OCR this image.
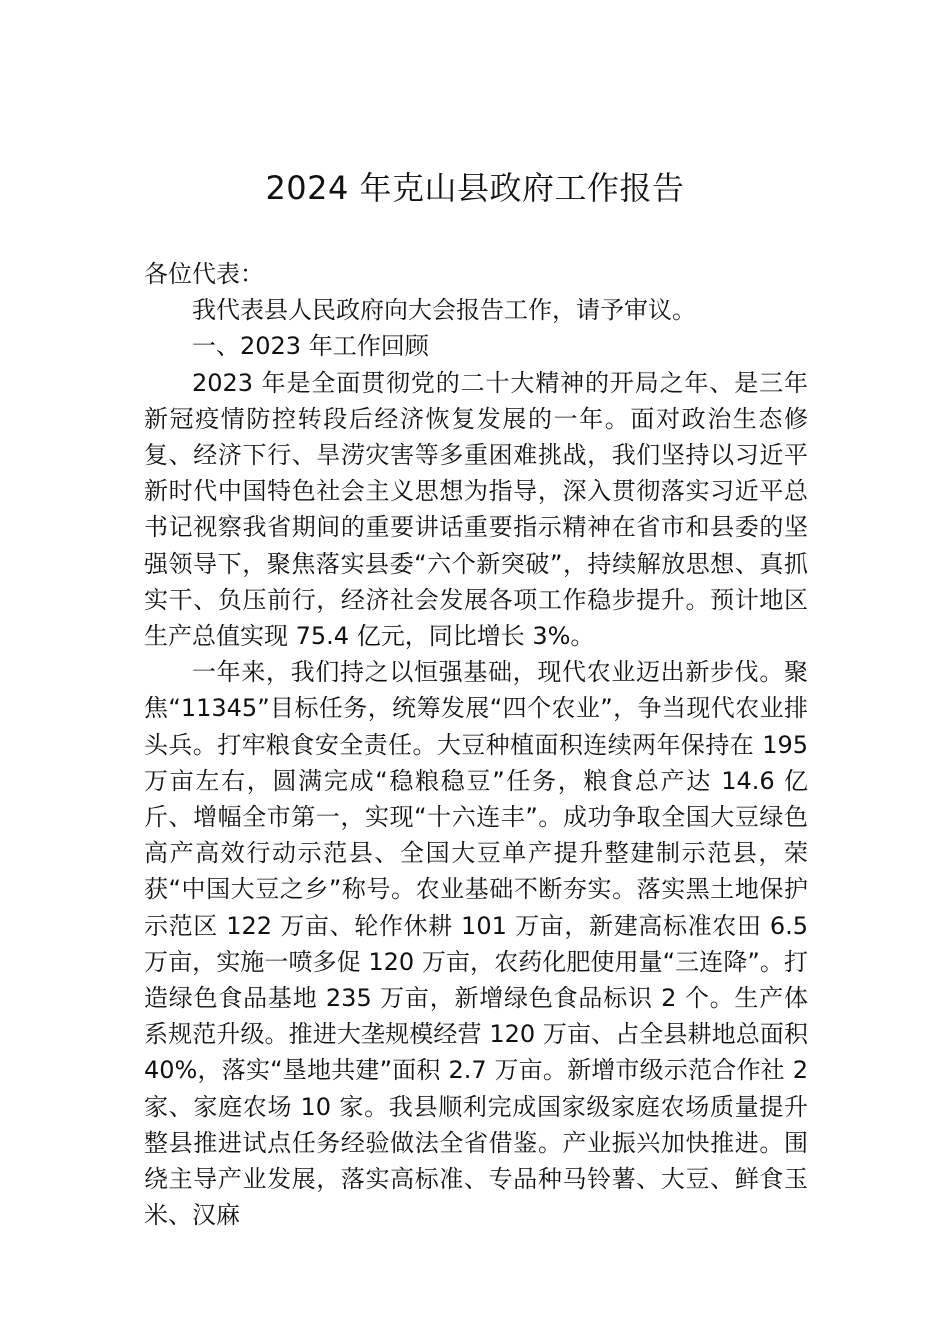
2024 年克山县政府工作报告

各位代表：

我代表县人民政府向大会报告工作，请予审议。

一、2023 年工作回顾

2023 年是全面贯彻党的二十大精神的开局之年、是三年新冠疫情防控转段后经济恢复发展的一年。面对政治生态修复、经济下行、旱涝灾害等多重困难挑战，我们坚持以习近平新时代中国特色社会主义思想为指导，深入贯彻落实习近平总书记视察我省期间的重要讲话重要指示精神在省市和县委的坚强领导下，聚焦落实县委“六个新突破”，持续解放思想、真抓实干、负压前行，经济社会发展各项工作稳步提升。预计地区生产总值实现 75.4 亿元，同比增长 3%。

一年来，我们持之以恒强基础，现代农业迈出新步伐。聚焦“11345”目标任务，统筹发展“四个农业”，争当现代农业排头兵。打牢粮食安全责任。大豆种植面积连续两年保持在 195 万亩左右，圆满完成“稳粮稳豆”任务，粮食总产达 14.6 亿斤、增幅全市第一，实现“十六连丰”。成功争取全国大豆绿色高产高效行动示范县、全国大豆单产提升整建制示范县，荣获“中国大豆之乡”称号。农业基础不断夯实。落实黑土地保护示范区 122 万亩、轮作休耕 101 万亩，新建高标准农田 6.5 万亩，实施一喷多促 120 万亩，农药化肥使用量“三连降”。打造绿色食品基地 235 万亩，新增绿色食品标识 2 个。生产体系规范升级。推进大垄规模经营 120 万亩、占全县耕地总面积 40%，落实“垦地共建”面积 2.7 万亩。新增市级示范合作社 2 家、家庭农场 10 家。我县顺利完成国家级家庭农场质量提升整县推进试点任务经验做法全省借鉴。产业振兴加快推进。围绕主导产业发展，落实高标准、专品种马铃薯、大豆、鲜食玉米、汉麻
